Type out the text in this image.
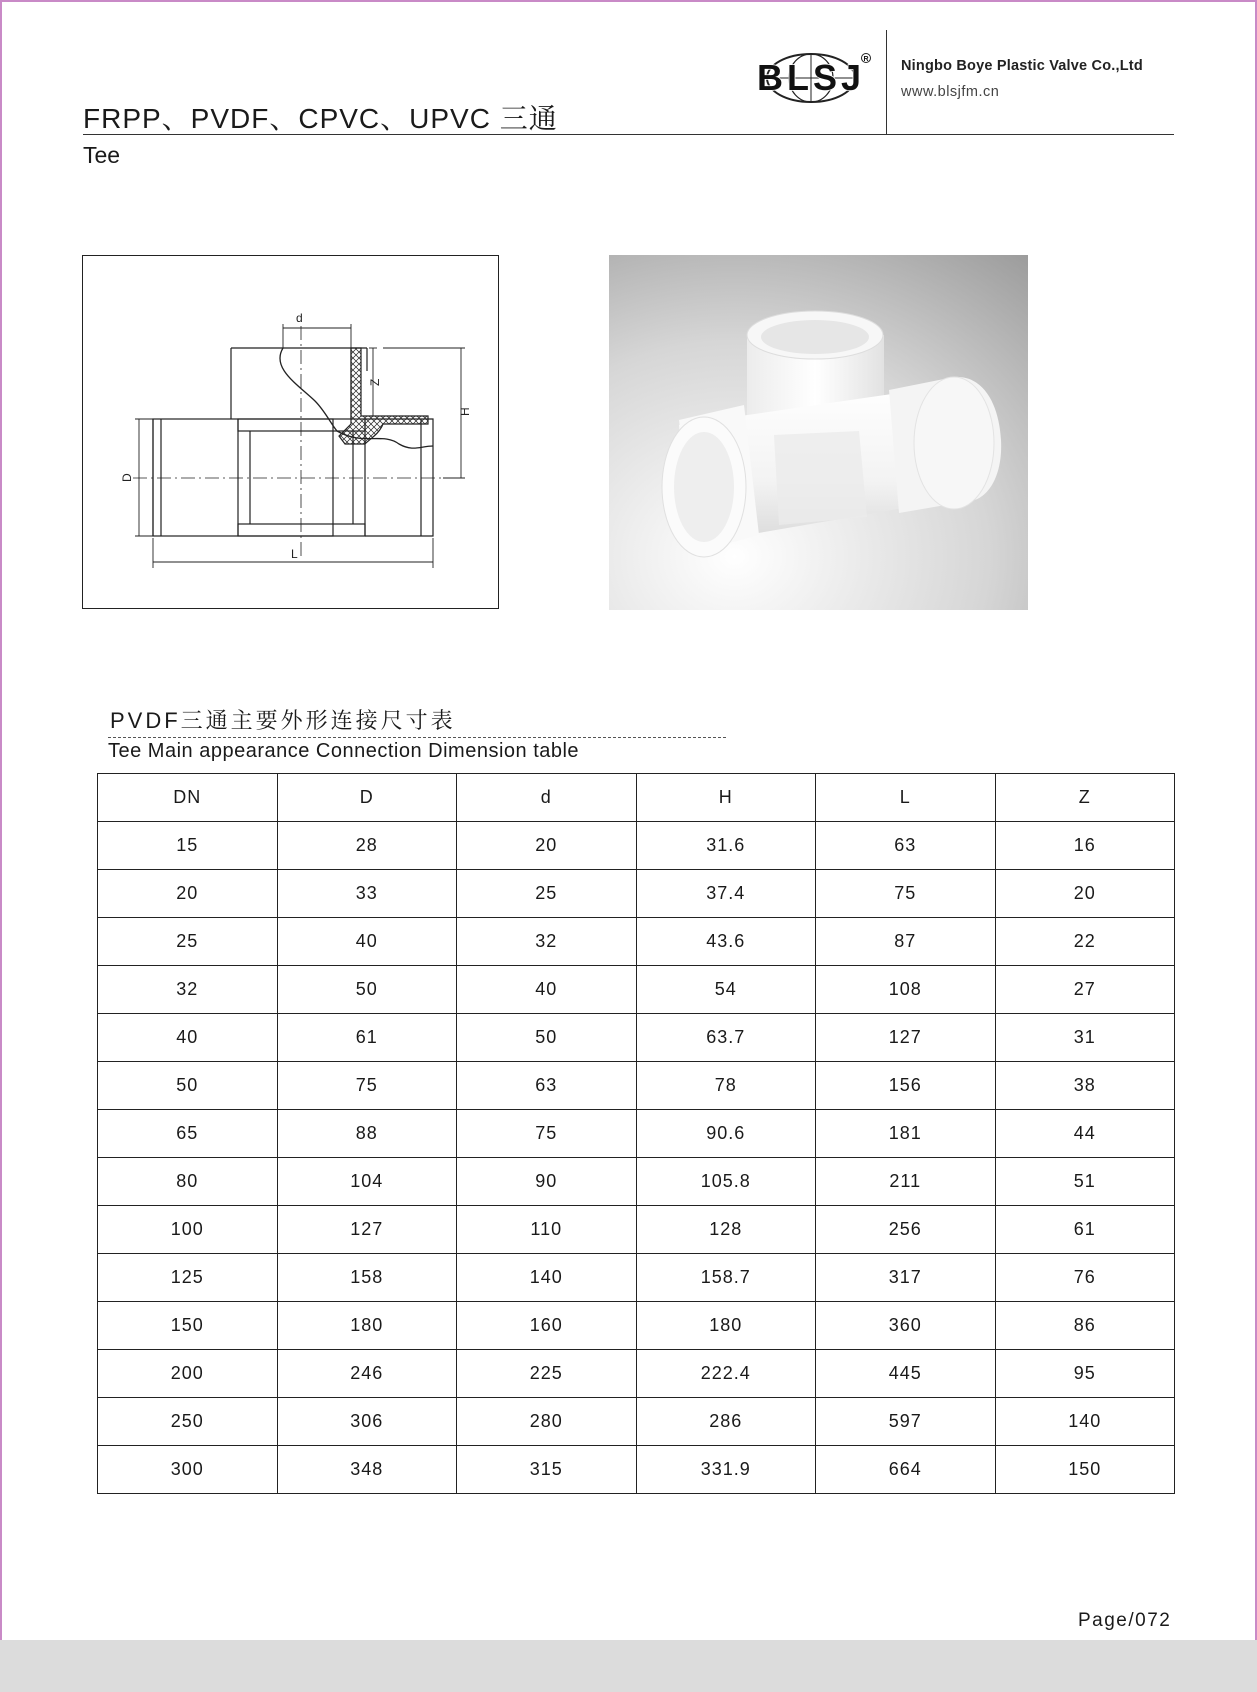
FRPP、PVDF、CPVC、UPVC 三通
Tee
BLSJ
R Ningbo Boye Plastic Valve Co.,Ltd
www.blsjfm.cn
d
Z
H
D
L
PVDF三通主要外形连接尺寸表
Tee Main appearance Connection Dimension table
DN	D	d	H	L	Z
15	28	20	31.6	63	16
20	33	25	37.4	75	20
25	40	32	43.6	87	22
32	50	40	54	108	27
40	61	50	63.7	127	31
50	75	63	78	156	38
65	88	75	90.6	181	44
80	104	90	105.8	211	51
100	127	110	128	256	61
125	158	140	158.7	317	76
150	180	160	180	360	86
200	246	225	222.4	445	95
250	306	280	286	597	140
300	348	315	331.9	664	150
Page/072
